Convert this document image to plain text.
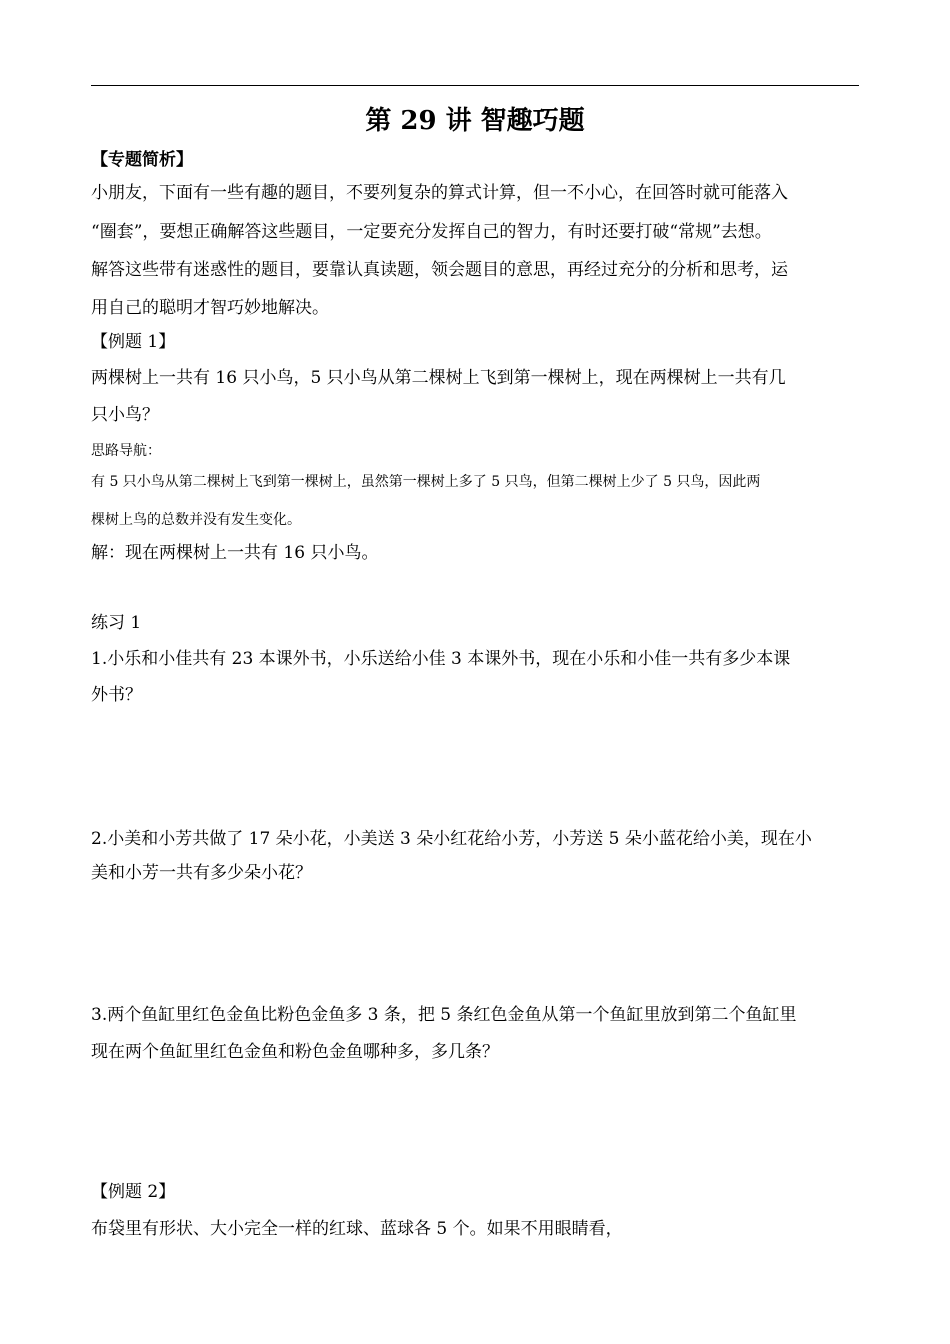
第 29 讲 智趣巧题
【专题简析】
小朋友，下面有一些有趣的题目，不要列复杂的算式计算，但一不小心，在回答时就可能落入
“圈套”，要想正确解答这些题目，一定要充分发挥自己的智力，有时还要打破“常规”去想。
解答这些带有迷惑性的题目，要靠认真读题，领会题目的意思，再经过充分的分析和思考，运
用自己的聪明才智巧妙地解决。
【例题 1】
两棵树上一共有 16 只小鸟，5 只小鸟从第二棵树上飞到第一棵树上，现在两棵树上一共有几
只小鸟？
思路导航：
有 5 只小鸟从第二棵树上飞到第一棵树上，虽然第一棵树上多了 5 只鸟，但第二棵树上少了 5 只鸟，因此两
棵树上鸟的总数并没有发生变化。
解：现在两棵树上一共有 16 只小鸟。
练习 1
1.小乐和小佳共有 23 本课外书，小乐送给小佳 3 本课外书，现在小乐和小佳一共有多少本课
外书？
2.小美和小芳共做了 17 朵小花，小美送 3 朵小红花给小芳，小芳送 5 朵小蓝花给小美，现在小
美和小芳一共有多少朵小花？
3.两个鱼缸里红色金鱼比粉色金鱼多 3 条，把 5 条红色金鱼从第一个鱼缸里放到第二个鱼缸里
现在两个鱼缸里红色金鱼和粉色金鱼哪种多，多几条？
【例题 2】
布袋里有形状、大小完全一样的红球、蓝球各 5 个。如果不用眼睛看，
